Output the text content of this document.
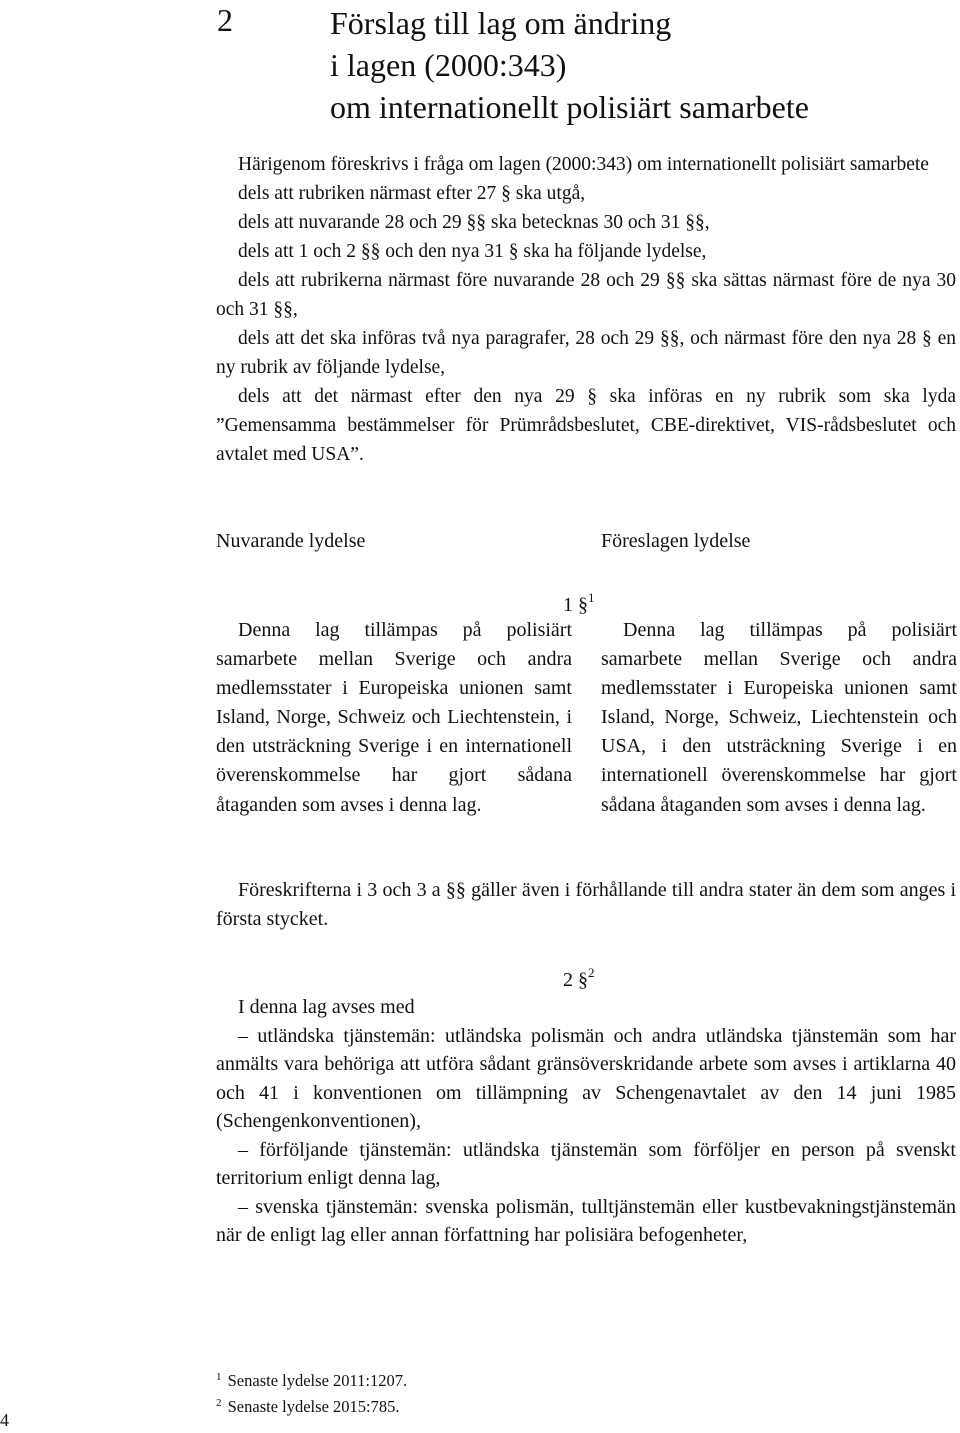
2	Förslag till lag om ändring
i lagen (2000:343)
om internationellt polisiärt samarbete

Härigenom föreskrivs i fråga om lagen (2000:343) om internationellt polisiärt samarbete

dels att rubriken närmast efter 27 § ska utgå,

dels att nuvarande 28 och 29 §§ ska betecknas 30 och 31 §§,

dels att 1 och 2 §§ och den nya 31 § ska ha följande lydelse,

dels att rubrikerna närmast före nuvarande 28 och 29 §§ ska sättas närmast före de nya 30 och 31 §§,

dels att det ska införas två nya paragrafer, 28 och 29 §§, och närmast före den nya 28 § en ny rubrik av följande lydelse,

dels att det närmast efter den nya 29 § ska införas en ny rubrik som ska lyda ”Gemensamma bestämmelser för Prümrådsbeslutet, CBE-direktivet, VIS-rådsbeslutet och avtalet med USA”.

Nuvarande lydelse	Föreslagen lydelse
1 §$^1$

Denna lag tillämpas på polisiärt samarbete mellan Sverige och andra medlemsstater i Europeiska unionen samt Island, Norge, Schweiz och Liechtenstein, i den utsträckning Sverige i en internationell överenskommelse har gjort sådana åtaganden som avses i denna lag.

Denna lag tillämpas på polisiärt samarbete mellan Sverige och andra medlemsstater i Europeiska unionen samt Island, Norge, Schweiz, Liechtenstein och USA, i den utsträckning Sverige i en internationell överenskommelse har gjort sådana åtaganden som avses i denna lag.

Föreskrifterna i 3 och 3 a §§ gäller även i förhållande till andra stater än dem som anges i första stycket.

2 §$^2$

I denna lag avses med

– utländska tjänstemän: utländska polismän och andra utländska tjänstemän som har anmälts vara behöriga att utföra sådant gränsöverskridande arbete som avses i artiklarna 40 och 41 i konventionen om tillämpning av Schengenavtalet av den 14 juni 1985 (Schengenkonventionen),

– förföljande tjänstemän: utländska tjänstemän som förföljer en person på svenskt territorium enligt denna lag,

– svenska tjänstemän: svenska polismän, tulltjänstemän eller kustbevakningstjänstemän när de enligt lag eller annan författning har polisiära befogenheter,

$^1$ Senaste lydelse 2011:1207.
$^2$ Senaste lydelse 2015:785.
4
